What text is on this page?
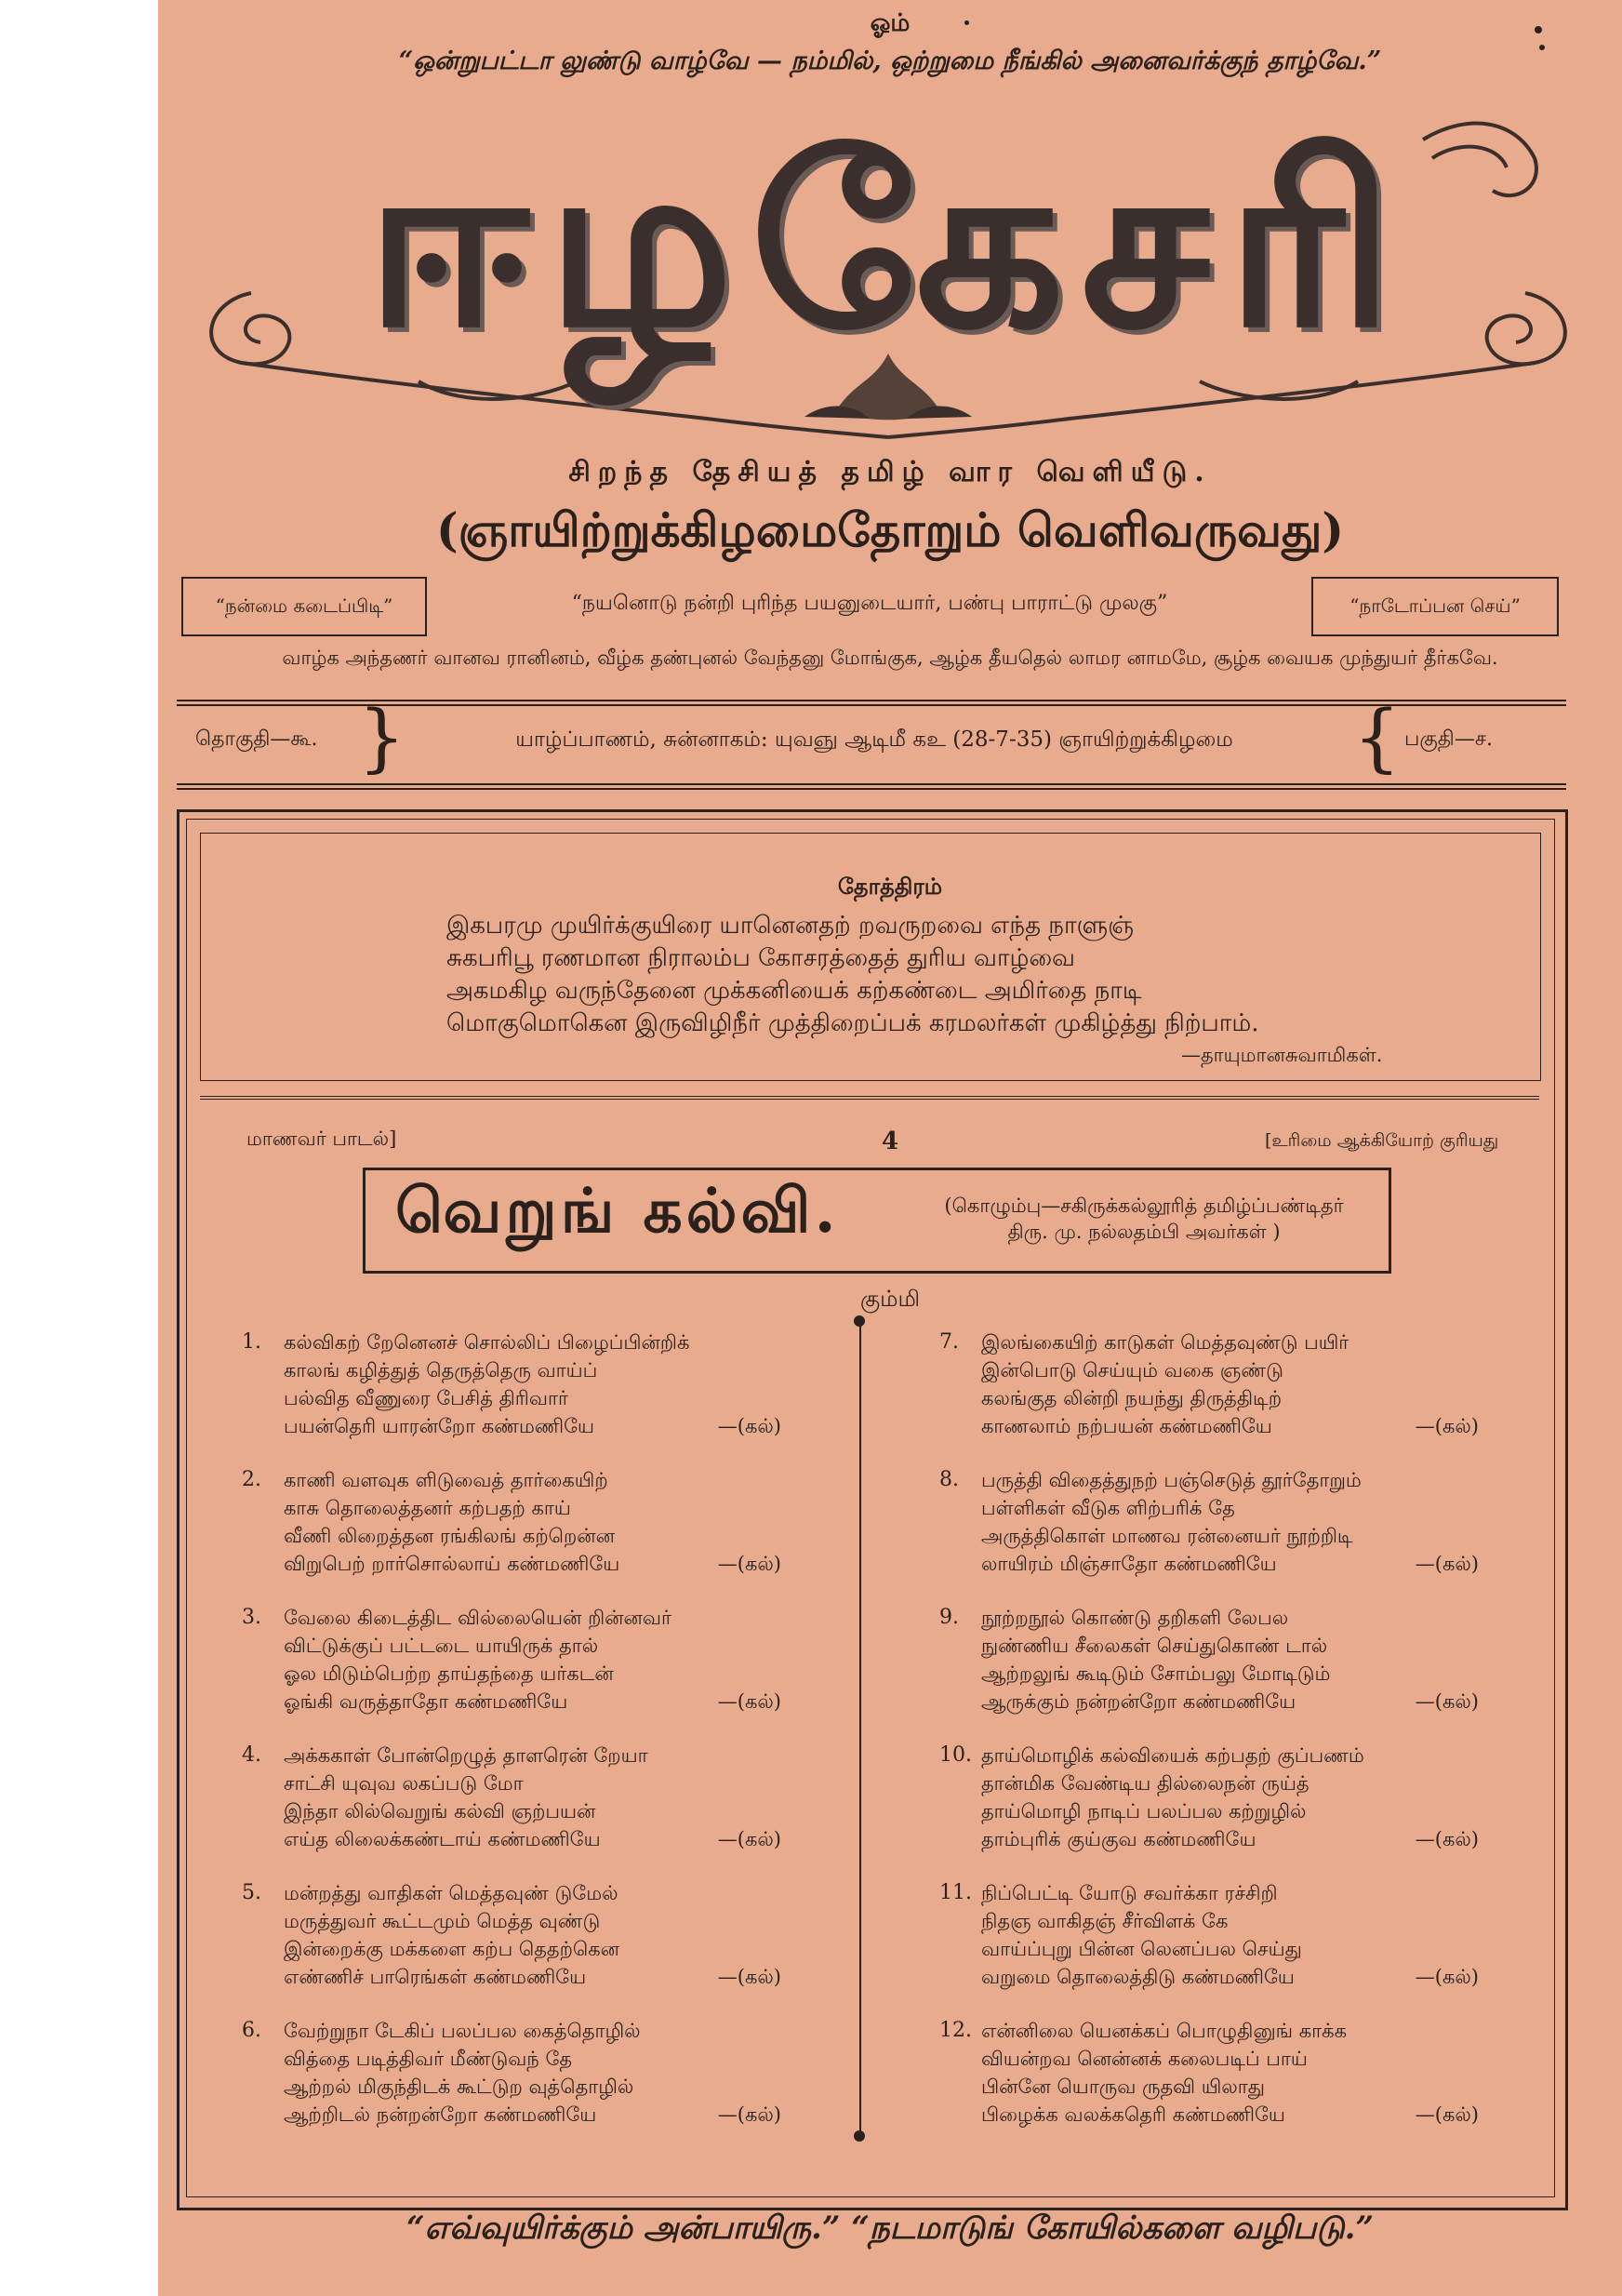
ஓம்
“ஒன்றுபட்டா லுண்டு வாழ்வே — நம்மில், ஒற்றுமை நீங்கில் அனைவர்க்குந் தாழ்வே.”
ஈழகேசரி
சிறந்த தேசியத் தமிழ் வார வெளியீடு.
(ஞாயிற்றுக்கிழமைதோறும் வெளிவருவது)
“நன்மை கடைப்பிடி”	“நயனொடு நன்றி புரிந்த பயனுடையார், பண்பு பாராட்டு முலகு”	“நாடோப்பன செய்”
வாழ்க அந்தணர் வானவ ரானினம், வீழ்க தண்புனல் வேந்தனு மோங்குக, ஆழ்க தீயதெல் லாமர னாமமே, சூழ்க வையக முந்துயர் தீர்கவே.
தொகுதி—கூ. }	யாழ்ப்பாணம், சுன்னாகம்: யுவஞு ஆடிமீ கஉ (28-7-35) ஞாயிற்றுக்கிழமை	{ பகுதி—ச.
தோத்திரம்
இகபரமு முயிர்க்குயிரை யானெனதற் றவருறவை எந்த நாளுஞ்
சுகபரிபூ ரணமான நிராலம்ப கோசரத்தைத் துரிய வாழ்வை
அகமகிழ வருந்தேனை முக்கனியைக் கற்கண்டை அமிர்தை நாடி
மொகுமொகென இருவிழிநீர் முத்திறைப்பக் கரமலர்கள் முகிழ்த்து நிற்பாம்.
—தாயுமானசுவாமிகள்.
மாணவர் பாடல்]	4	[உரிமை ஆக்கியோற் குரியது
வெறுங் கல்வி.	(கொழும்பு—சகிருக்கல்லூரித் தமிழ்ப்பண்டிதர்
திரு. மு. நல்லதம்பி அவர்கள் )
கும்மி
1.	கல்விகற் றேனெனச் சொல்லிப் பிழைப்பின்றிக்
காலங் கழித்துத் தெருத்தெரு வாய்ப்
பல்வித வீணுரை பேசித் திரிவார்
பயன்தெரி யாரன்றோ கண்மணியே	—(கல்)
2.	காணி வளவுக ளிடுவைத் தார்கையிற்
காசு தொலைத்தனர் கற்பதற் காய்
வீணி லிறைத்தன ரங்கிலங் கற்றென்ன
விறுபெற் றார்சொல்லாய் கண்மணியே	—(கல்)
3.	வேலை கிடைத்திட வில்லையென் றின்னவர்
விட்டுக்குப் பட்டடை யாயிருக் தால்
ஓல மிடும்பெற்ற தாய்தந்தை யர்கடன்
ஓங்கி வருத்தாதோ கண்மணியே	—(கல்)
4.	அக்ககாள் போன்றெழுத் தாளரென் றேயா
சாட்சி யுவுவ லகப்படு மோ
இந்தா லில்வெறுங் கல்வி ஞற்பயன்
எய்த லிலைக்கண்டாய் கண்மணியே	—(கல்)
5.	மன்றத்து வாதிகள் மெத்தவுண் டுமேல்
மருத்துவர் கூட்டமும் மெத்த வுண்டு
இன்றைக்கு மக்களை கற்ப தெதற்கென
எண்ணிச் பாரெங்கள் கண்மணியே	—(கல்)
6.	வேற்றுநா டேகிப் பலப்பல கைத்தொழில்
வித்தை படித்திவர் மீண்டுவந் தே
ஆற்றல் மிகுந்திடக் கூட்டுற வுத்தொழில்
ஆற்றிடல் நன்றன்றோ கண்மணியே	—(கல்)
7.	இலங்கையிற் காடுகள் மெத்தவுண்டு பயிர்
இன்பொடு செய்யும் வகை ஞண்டு
கலங்குத லின்றி நயந்து திருத்திடிற்
காணலாம் நற்பயன் கண்மணியே	—(கல்)
8.	பருத்தி விதைத்துநற் பஞ்செடுத் தூர்தோறும்
பள்ளிகள் வீடுக ளிற்பரிக் தே
அருத்திகொள் மாணவ ரன்னையர் நூற்றிடி
லாயிரம் மிஞ்சாதோ கண்மணியே	—(கல்)
9.	நூற்றநூல் கொண்டு தறிகளி லேபல
நுண்ணிய சீலைகள் செய்துகொண் டால்
ஆற்றலுங் கூடிடும் சோம்பலு மோடிடும்
ஆருக்கும் நன்றன்றோ கண்மணியே	—(கல்)
10. தாய்மொழிக் கல்வியைக் கற்பதற் குப்பணம்
தான்மிக வேண்டிய தில்லைநன் ருய்த்
தாய்மொழி நாடிப் பலப்பல கற்றுழில்
தாம்புரிக் குய்குவ கண்மணியே	—(கல்)
11. நிப்பெட்டி யோடு சவர்க்கா ரச்சிறி
நிதஞ வாகிதஞ் சீர்விளக் கே
வாய்ப்புறு பின்ன லெனப்பல செய்து
வறுமை தொலைத்திடு கண்மணியே	—(கல்)
12. என்னிலை யெனக்கப் பொழுதினுங் காக்க
வியன்றவ னென்னக் கலைபடிப் பாய்
பின்னே யொருவ ருதவி யிலாது
பிழைக்க வலக்கதெரி கண்மணியே	—(கல்)
“எவ்வுயிர்க்கும் அன்பாயிரு.” “நடமாடுங் கோயில்களை வழிபடு.”
